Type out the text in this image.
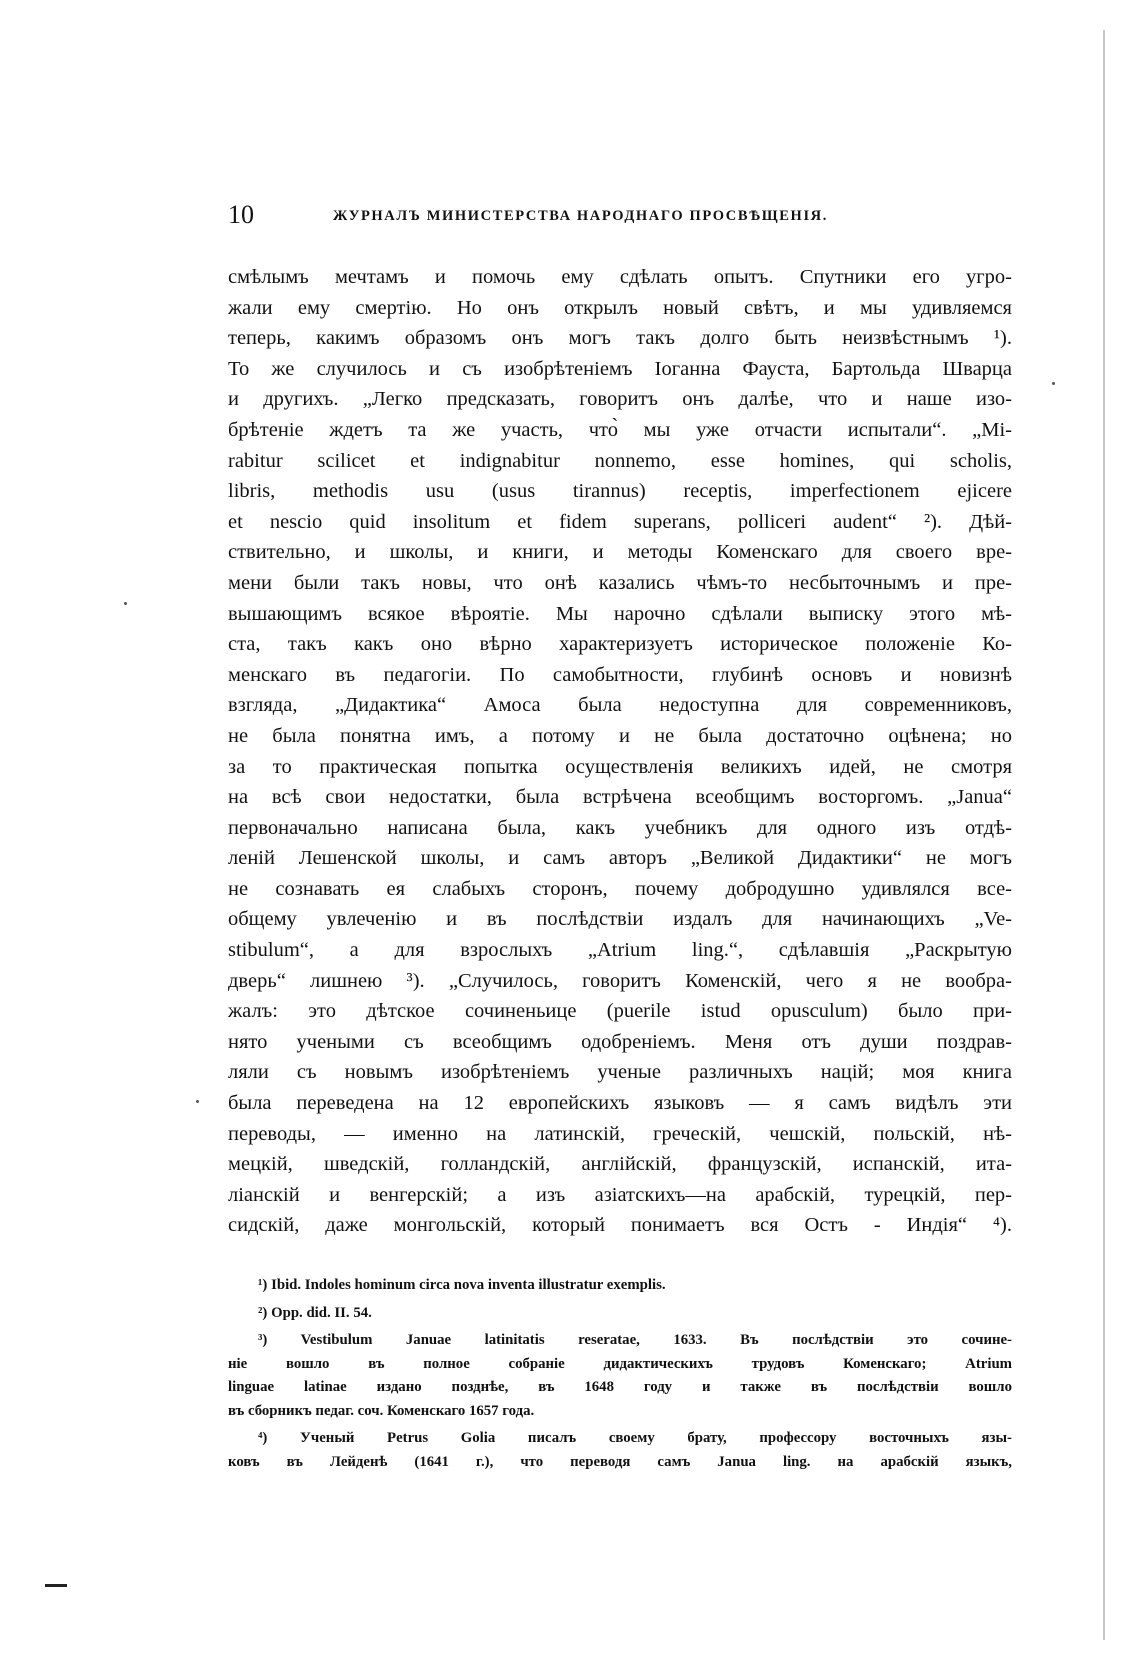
10	ЖУРНАЛЪ МИНИСТЕРСТВА НАРОДНАГО ПРОСВѢЩЕНІЯ.
смѣлымъ мечтамъ и помочь ему сдѣлать опытъ. Спутники его угро-
жали ему смертію. Но онъ открылъ новый свѣтъ, и мы удивляемся
теперь, какимъ образомъ онъ могъ такъ долго быть неизвѣстнымъ ¹).
То же случилось и съ изобрѣтеніемъ Іоганна Фауста, Бартольда Шварца
и другихъ. „Легко предсказать, говоритъ онъ далѣе, что и наше изо-
брѣтеніе ждетъ та же участь, что̀ мы уже отчасти испытали“. „Mi-
rabitur scilicet et indignabitur nonnemo, esse homines, qui scholis,
libris, methodis usu (usus tirannus) receptis, imperfectionem ejicere
et nescio quid insolitum et fidem superans, polliceri audent“ ²). Дѣй-
ствительно, и школы, и книги, и методы Коменскаго для своего вре-
мени были такъ новы, что онѣ казались чѣмъ-то несбыточнымъ и пре-
вышающимъ всякое вѣроятіе. Мы нарочно сдѣлали выписку этого мѣ-
ста, такъ какъ оно вѣрно характеризуетъ историческое положеніе Ко-
менскаго въ педагогіи. По самобытности, глубинѣ основъ и новизнѣ
взгляда, „Дидактика“ Амоса была недоступна для современниковъ,
не была понятна имъ, а потому и не была достаточно оцѣнена; но
за то практическая попытка осуществленія великихъ идей, не смотря
на всѣ свои недостатки, была встрѣчена всеобщимъ восторгомъ. „Janua“
первоначально написана была, какъ учебникъ для одного изъ отдѣ-
леній Лешенской школы, и самъ авторъ „Великой Дидактики“ не могъ
не сознавать ея слабыхъ сторонъ, почему добродушно удивлялся все-
общему увлеченію и въ послѣдствіи издалъ для начинающихъ „Ve-
stibulum“, а для взрослыхъ „Atrium ling.“, сдѣлавшія „Раскрытую
дверь“ лишнею ³). „Случилось, говоритъ Коменскій, чего я не вообра-
жалъ: это дѣтское сочиненьице (puerile istud opusculum) было при-
нято учеными съ всеобщимъ одобреніемъ. Меня отъ души поздрав-
ляли съ новымъ изобрѣтеніемъ ученые различныхъ націй; моя книга
была переведена на 12 европейскихъ языковъ — я самъ видѣлъ эти
переводы, — именно на латинскій, греческій, чешскій, польскій, нѣ-
мецкій, шведскій, голландскій, англійскій, французскій, испанскій, ита-
ліанскій и венгерскій; а изъ азіатскихъ—на арабскій, турецкій, пер-
сидскій, даже монгольскій, который понимаетъ вся Остъ - Индія“ ⁴).
¹) Ibid. Indoles hominum circa nova inventa illustratur exemplis.
²) Opp. did. II. 54.
³) Vestibulum Januae latinitatis reseratae, 1633. Въ послѣдствіи это сочине-
ніе вошло въ полное собраніе дидактическихъ трудовъ Коменскаго; Atrium
linguae latinae издано позднѣе, въ 1648 году и также въ послѣдствіи вошло
въ сборникъ педаг. соч. Коменскаго 1657 года.
⁴) Ученый Petrus Golia писалъ своему брату, профессору восточныхъ язы-
ковъ въ Лейденѣ (1641 г.), что переводя самъ Janua ling. на арабскій языкъ,
